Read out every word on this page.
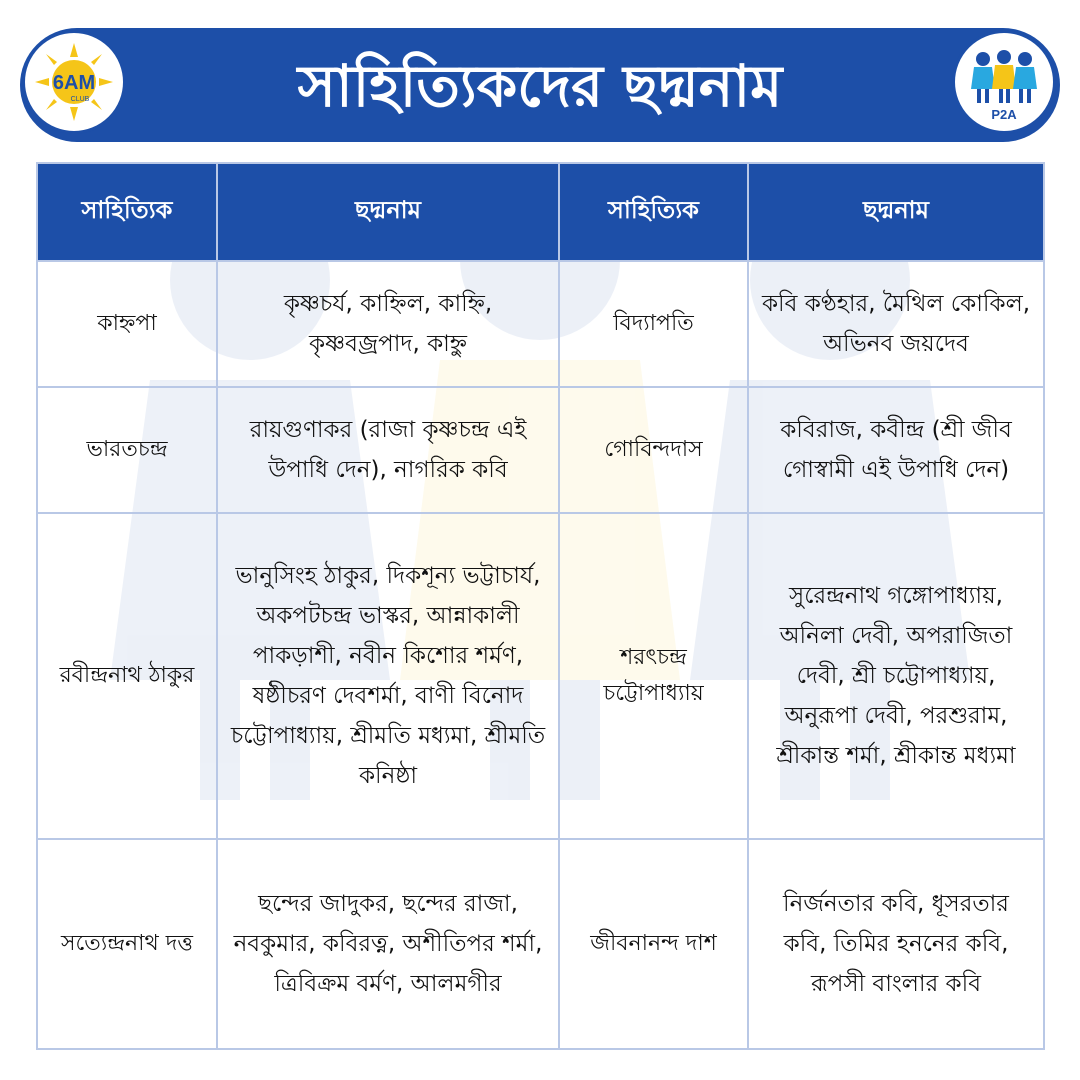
6AM
CLUB	সাহিত্যিকদের ছদ্মনাম	P2A
সাহিত্যিক	ছদ্মনাম	সাহিত্যিক	ছদ্মনাম
কাহ্নপা	কৃষ্ণচর্য, কাহ্নিল, কাহ্নি, কৃষ্ণবজ্রপাদ, কাহ্নু	বিদ্যাপতি	কবি কণ্ঠহার, মৈথিল কোকিল, অভিনব জয়দেব
ভারতচন্দ্র	রায়গুণাকর (রাজা কৃষ্ণচন্দ্র এই উপাধি দেন), নাগরিক কবি	গোবিন্দদাস	কবিরাজ, কবীন্দ্র (শ্রী জীব গোস্বামী এই উপাধি দেন)
রবীন্দ্রনাথ ঠাকুর	ভানুসিংহ ঠাকুর, দিকশূন্য ভট্টাচার্য, অকপটচন্দ্র ভাস্কর, আন্নাকালী পাকড়াশী, নবীন কিশোর শর্মণ, ষষ্ঠীচরণ দেবশর্মা, বাণী বিনোদ চট্টোপাধ্যায়, শ্রীমতি মধ্যমা, শ্রীমতি কনিষ্ঠা	শরৎচন্দ্র চট্টোপাধ্যায়	সুরেন্দ্রনাথ গঙ্গোপাধ্যায়, অনিলা দেবী, অপরাজিতা দেবী, শ্রী চট্টোপাধ্যায়, অনুরূপা দেবী, পরশুরাম, শ্রীকান্ত শর্মা, শ্রীকান্ত মধ্যমা
সত্যেন্দ্রনাথ দত্ত	ছন্দের জাদুকর, ছন্দের রাজা, নবকুমার, কবিরত্ন, অশীতিপর শর্মা, ত্রিবিক্রম বর্মণ, আলমগীর	জীবনানন্দ দাশ	নির্জনতার কবি, ধূসরতার কবি, তিমির হননের কবি, রূপসী বাংলার কবি
